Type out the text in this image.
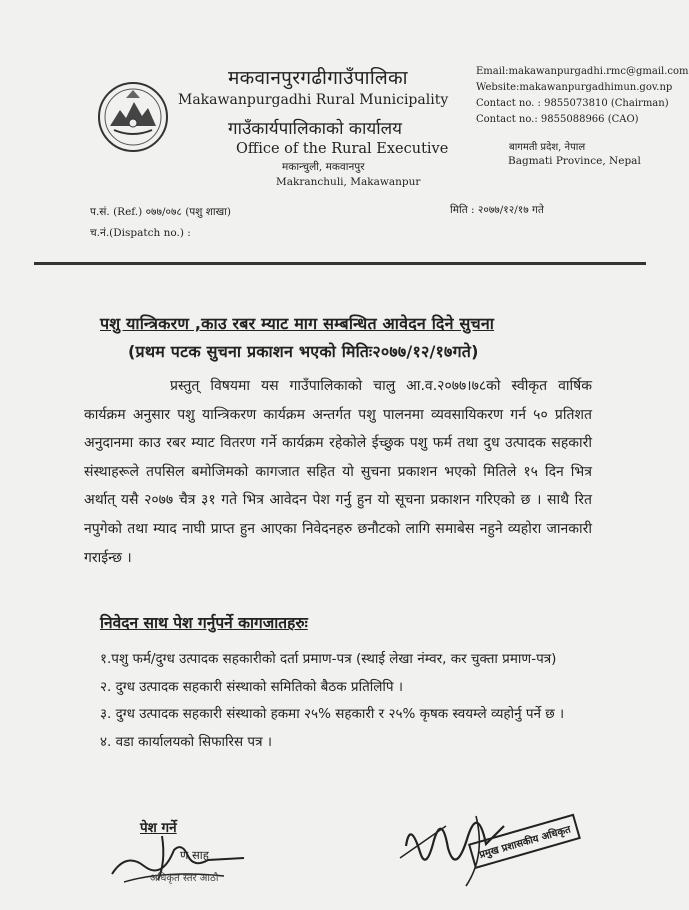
मकवानपुरगढीगाउँपालिका
Makawanpurgadhi Rural Municipality
गाउँकार्यपालिकाको कार्यालय
Office of the Rural Executive
मकान्चुली, मकवानपुर
Makranchuli, Makawanpur
Email:makawanpurgadhi.rmc@gmail.com
Website:makawanpurgadhimun.gov.np
Contact no. : 9855073810 (Chairman)
Contact no.: 9855088966 (CAO)
बागमती प्रदेश, नेपाल
Bagmati Province, Nepal
प.सं. (Ref.) ०७७/०७८ (पशु शाखा)	मिति : २०७७/१२/१७ गते
च.नं.(Dispatch no.) :
पशु यान्त्रिकरण ,काउ रबर म्याट माग सम्बन्धित आवेदन दिने सुचना
(प्रथम पटक सुचना प्रकाशन भएको मितिः२०७७/१२/१७गते)
प्रस्तुत् विषयमा यस गाउँपालिकाको चालु आ.व.२०७७।७८को स्वीकृत वार्षिक कार्यक्रम अनुसार पशु यान्त्रिकरण कार्यक्रम अन्तर्गत पशु पालनमा व्यवसायिकरण गर्न ५० प्रतिशत अनुदानमा काउ रबर म्याट वितरण गर्ने कार्यक्रम रहेकोले ईच्छुक पशु फर्म तथा दुध उत्पादक सहकारी संस्थाहरूले तपसिल बमोजिमको कागजात सहित यो सुचना प्रकाशन भएको मितिले १५ दिन भित्र अर्थात् यसै २०७७ चैत्र ३१ गते भित्र आवेदन पेश गर्नु हुन यो सूचना प्रकाशन गरिएको छ । साथै रित नपुगेको तथा म्याद नाघी प्राप्त हुन आएका निवेदनहरु छनौटको लागि समाबेस नहुने व्यहोरा जानकारी गराईन्छ ।
निवेदन साथ पेश गर्नुपर्ने कागजातहरुः
१.पशु फर्म/दुग्ध उत्पादक सहकारीको दर्ता प्रमाण-पत्र (स्थाई लेखा नंम्वर, कर चुक्ता प्रमाण-पत्र)
२. दुग्ध उत्पादक सहकारी संस्थाको समितिको बैठक प्रतिलिपि ।
३. दुग्ध उत्पादक सहकारी संस्थाको हकमा २५% सहकारी र २५% कृषक स्वयम्ले व्यहोर्नु पर्ने छ ।
४. वडा कार्यालयको सिफारिस पत्र ।
पेश गर्ने
ण साह
अधिकृत स्तर आठौ
प्रमुख प्रशासकीय अधिकृत
